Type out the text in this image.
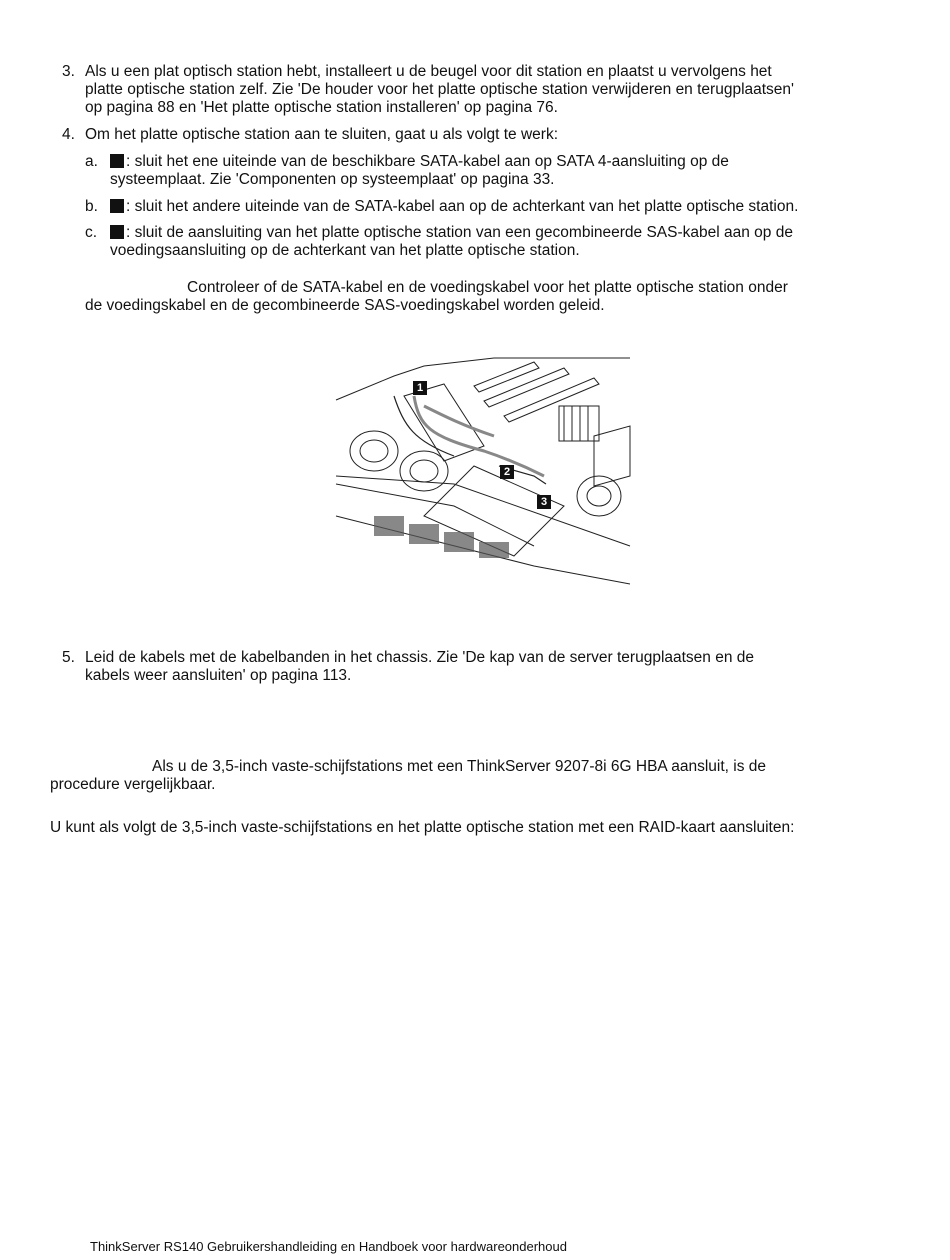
3. Als u een plat optisch station hebt, installeert u de beugel voor dit station en plaatst u vervolgens het
platte optische station zelf. Zie 'De houder voor het platte optische station verwijderen en terugplaatsen'
op pagina 88 en 'Het platte optische station installeren' op pagina 76.
4. Om het platte optische station aan te sluiten, gaat u als volgt te werk:
a.	: sluit het ene uiteinde van de beschikbare SATA-kabel aan op SATA 4-aansluiting op de
systeemplaat. Zie 'Componenten op systeemplaat' op pagina 33.
b.	: sluit het andere uiteinde van de SATA-kabel aan op de achterkant van het platte optische station.
c.	: sluit de aansluiting van het platte optische station van een gecombineerde SAS-kabel aan op de
voedingsaansluiting op de achterkant van het platte optische station.
Controleer of de SATA-kabel en de voedingskabel voor het platte optische station onder
de voedingskabel en de gecombineerde SAS-voedingskabel worden geleid.
1
2
3
5. Leid de kabels met de kabelbanden in het chassis. Zie 'De kap van de server terugplaatsen en de
kabels weer aansluiten' op pagina 113.
Als u de 3,5-inch vaste-schijfstations met een ThinkServer 9207-8i 6G HBA aansluit, is de
procedure vergelijkbaar.
U kunt als volgt de 3,5-inch vaste-schijfstations en het platte optische station met een RAID-kaart aansluiten:
ThinkServer RS140 Gebruikershandleiding en Handboek voor hardwareonderhoud
